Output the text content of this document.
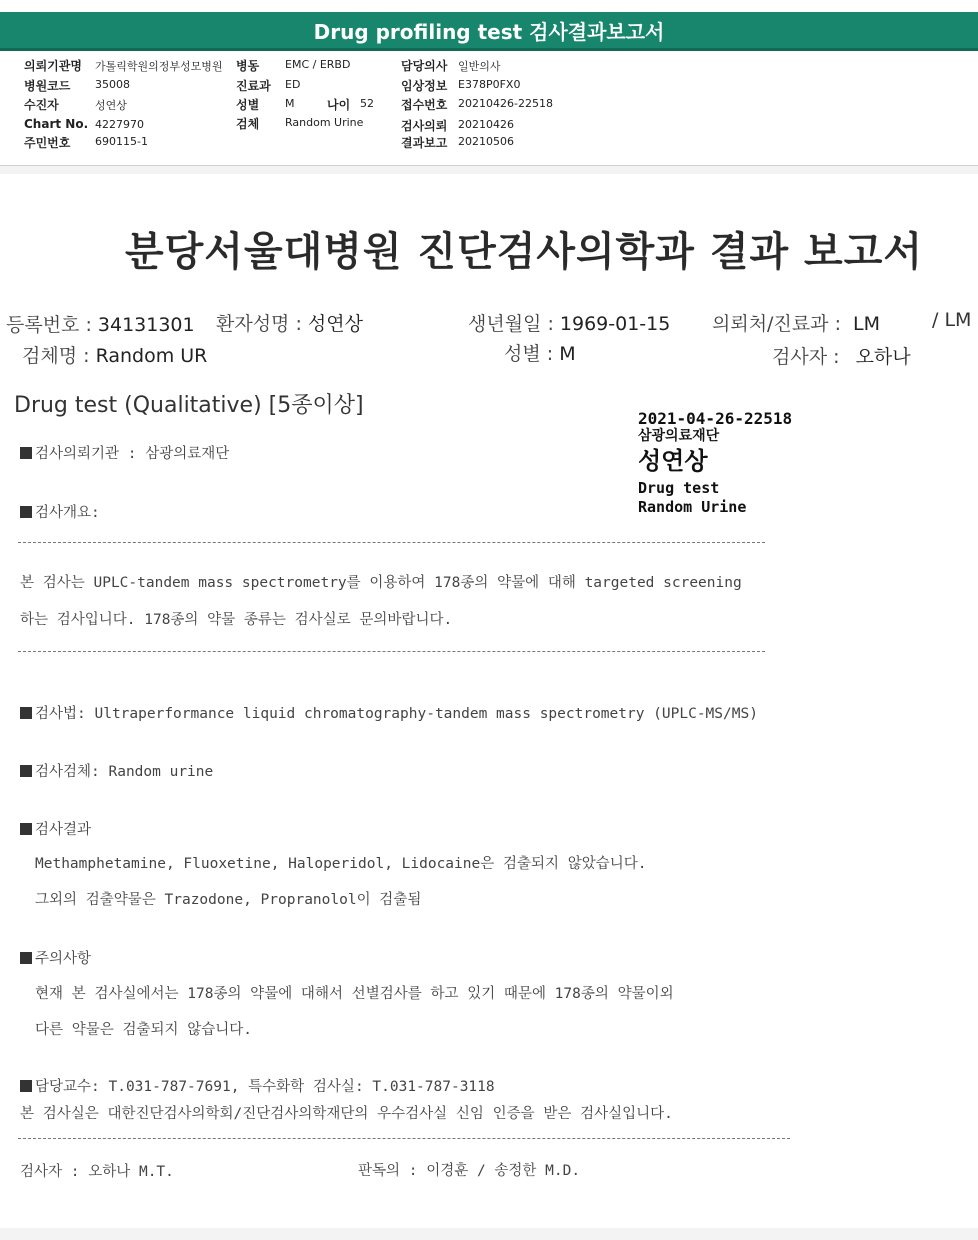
Drug profiling test 검사결과보고서
의뢰기관명 가톨릭학원의정부성모병원
병원코드 35008
수진자	성연상
Chart No. 4227970
주민번호 690115-1
병동 EMC / ERBD
진료과 ED
성별 M	나이 52
검체 Random Urine
담당의사 일반의사
임상정보 E378P0FX0
접수번호 20210426-22518
검사의뢰 20210426
결과보고 20210506
분당서울대병원 진단검사의학과 결과 보고서
등록번호 : 34131301 환자성명 : 성연상	생년월일 : 1969-01-15 의뢰처/진료과 : LM	/ LM
검체명 : Random UR	성별 : M	검사자 : 오하나
Drug test (Qualitative) [5종이상]
2021-04-26-22518
삼광의료재단
성연상
Drug test
Random Urine
검사의뢰기관 : 삼광의료재단
검사개요:
본 검사는 UPLC-tandem mass spectrometry를 이용하여 178종의 약물에 대해 targeted screening
하는 검사입니다. 178종의 약물 종류는 검사실로 문의바랍니다.
검사법: Ultraperformance liquid chromatography-tandem mass spectrometry (UPLC-MS/MS)
검사검체: Random urine
검사결과
Methamphetamine, Fluoxetine, Haloperidol, Lidocaine은 검출되지 않았습니다.
그외의 검출약물은 Trazodone, Propranolol이 검출됨
주의사항
현재 본 검사실에서는 178종의 약물에 대해서 선별검사를 하고 있기 때문에 178종의 약물이외
다른 약물은 검출되지 않습니다.
담당교수: T.031-787-7691, 특수화학 검사실: T.031-787-3118
본 검사실은 대한진단검사의학회/진단검사의학재단의 우수검사실 신임 인증을 받은 검사실입니다.
검사자 : 오하나 M.T.	판독의 : 이경훈 / 송정한 M.D.
